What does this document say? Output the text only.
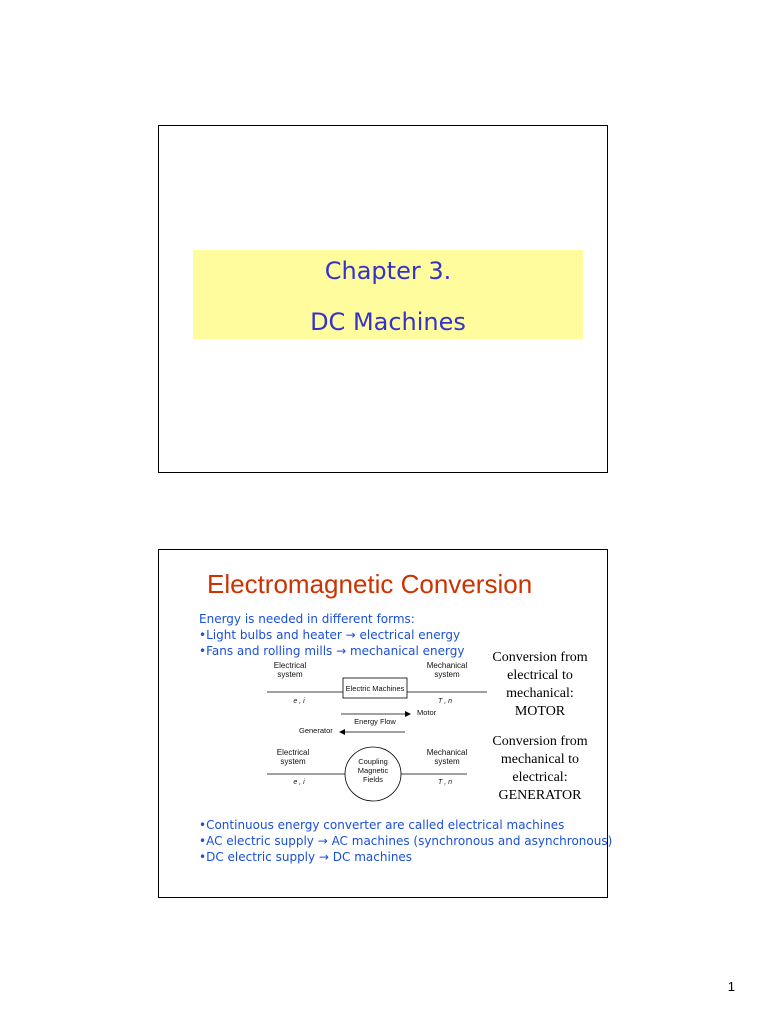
Chapter 3.

DC Machines

Electromagnetic Conversion
Energy is needed in different forms:
•Light bulbs and heater → electrical energy
•Fans and rolling mills → mechanical energy
Electrical
system
Mechanical
system
Electric Machines
e , i	T , n
Motor
Energy Flow
Generator
Electrical
system
Mechanical
system
Coupling
Magnetic
Fields
e , i	T , n
Conversion from
electrical to
mechanical:
MOTOR
Conversion from
mechanical to
electrical:
GENERATOR
•Continuous energy converter are called electrical machines
•AC electric supply → AC machines (synchronous and asynchronous)
•DC electric supply → DC machines
1
